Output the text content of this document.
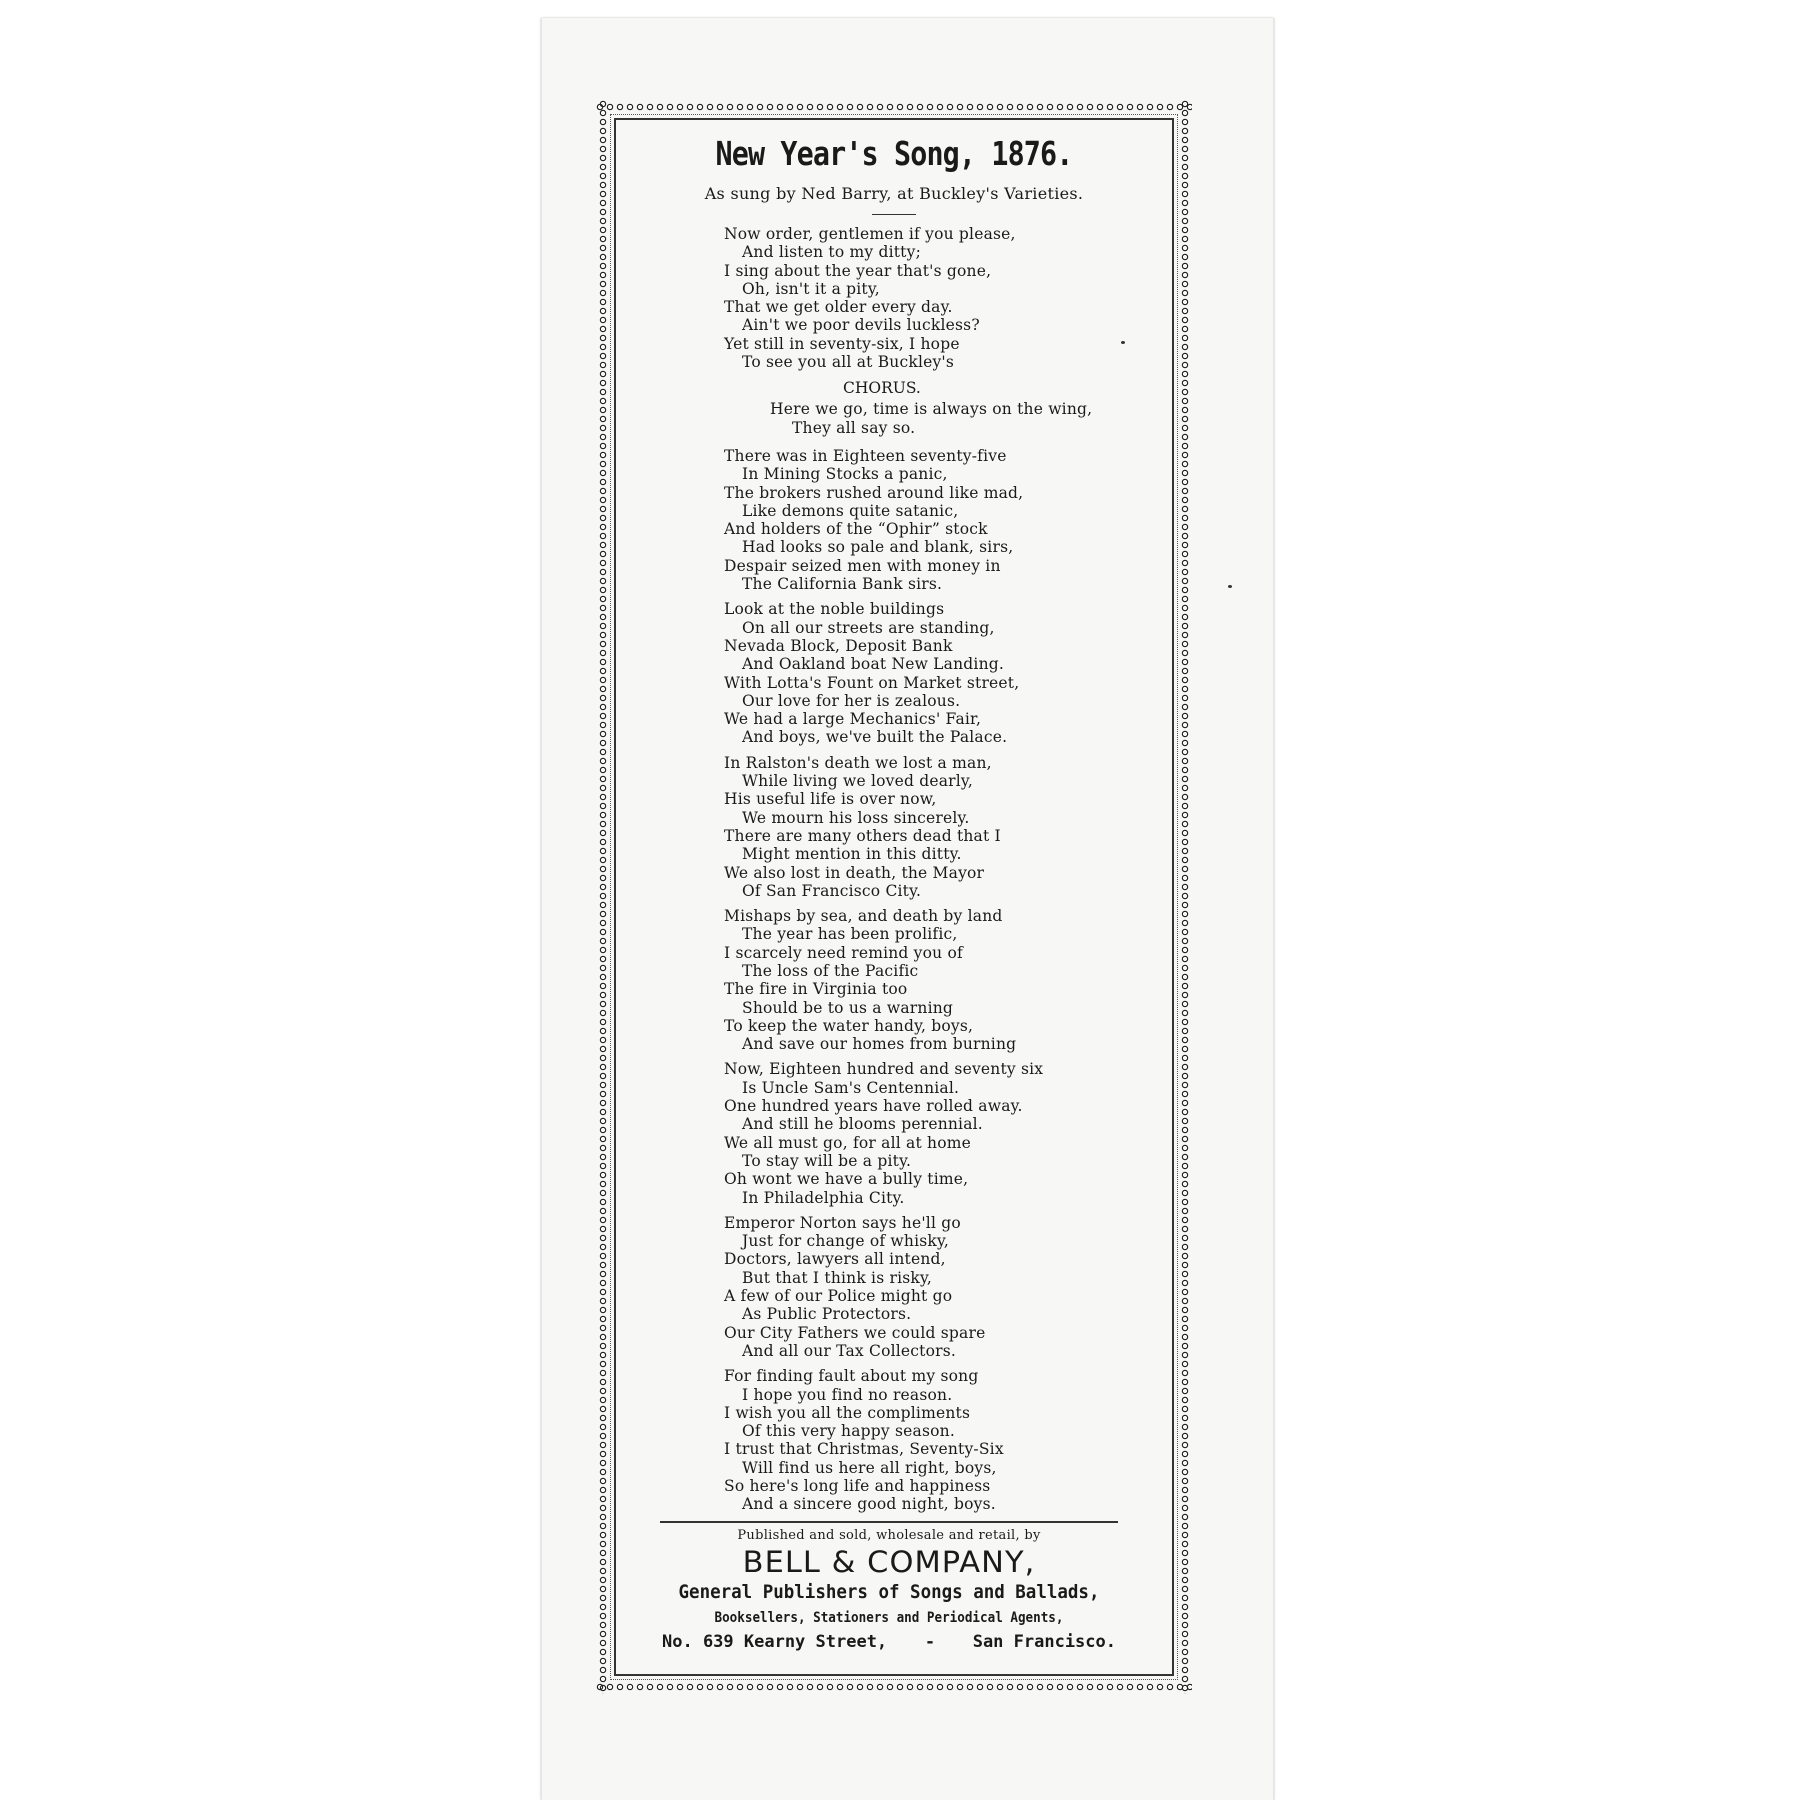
New Year's Song, 1876.
As sung by Ned Barry, at Buckley's Varieties.
Now order, gentlemen if you please,
And listen to my ditty;
I sing about the year that's gone,
Oh, isn't it a pity,
That we get older every day.
Ain't we poor devils luckless?
Yet still in seventy-six, I hope
To see you all at Buckley's
CHORUS.
Here we go, time is always on the wing,
They all say so.
There was in Eighteen seventy-five
In Mining Stocks a panic,
The brokers rushed around like mad,
Like demons quite satanic,
And holders of the “Ophir” stock
Had looks so pale and blank, sirs,
Despair seized men with money in
The California Bank sirs.
Look at the noble buildings
On all our streets are standing,
Nevada Block, Deposit Bank
And Oakland boat New Landing.
With Lotta's Fount on Market street,
Our love for her is zealous.
We had a large Mechanics' Fair,
And boys, we've built the Palace.
In Ralston's death we lost a man,
While living we loved dearly,
His useful life is over now,
We mourn his loss sincerely.
There are many others dead that I
Might mention in this ditty.
We also lost in death, the Mayor
Of San Francisco City.
Mishaps by sea, and death by land
The year has been prolific,
I scarcely need remind you of
The loss of the Pacific
The fire in Virginia too
Should be to us a warning
To keep the water handy, boys,
And save our homes from burning
Now, Eighteen hundred and seventy six
Is Uncle Sam's Centennial.
One hundred years have rolled away.
And still he blooms perennial.
We all must go, for all at home
To stay will be a pity.
Oh wont we have a bully time,
In Philadelphia City.
Emperor Norton says he'll go
Just for change of whisky,
Doctors, lawyers all intend,
But that I think is risky,
A few of our Police might go
As Public Protectors.
Our City Fathers we could spare
And all our Tax Collectors.
For finding fault about my song
I hope you find no reason.
I wish you all the compliments
Of this very happy season.
I trust that Christmas, Seventy-Six
Will find us here all right, boys,
So here's long life and happiness
And a sincere good night, boys.
Published and sold, wholesale and retail, by
BELL & COMPANY,
General Publishers of Songs and Ballads,
Booksellers, Stationers and Periodical Agents,
No. 639 Kearny Street, - San Francisco.
